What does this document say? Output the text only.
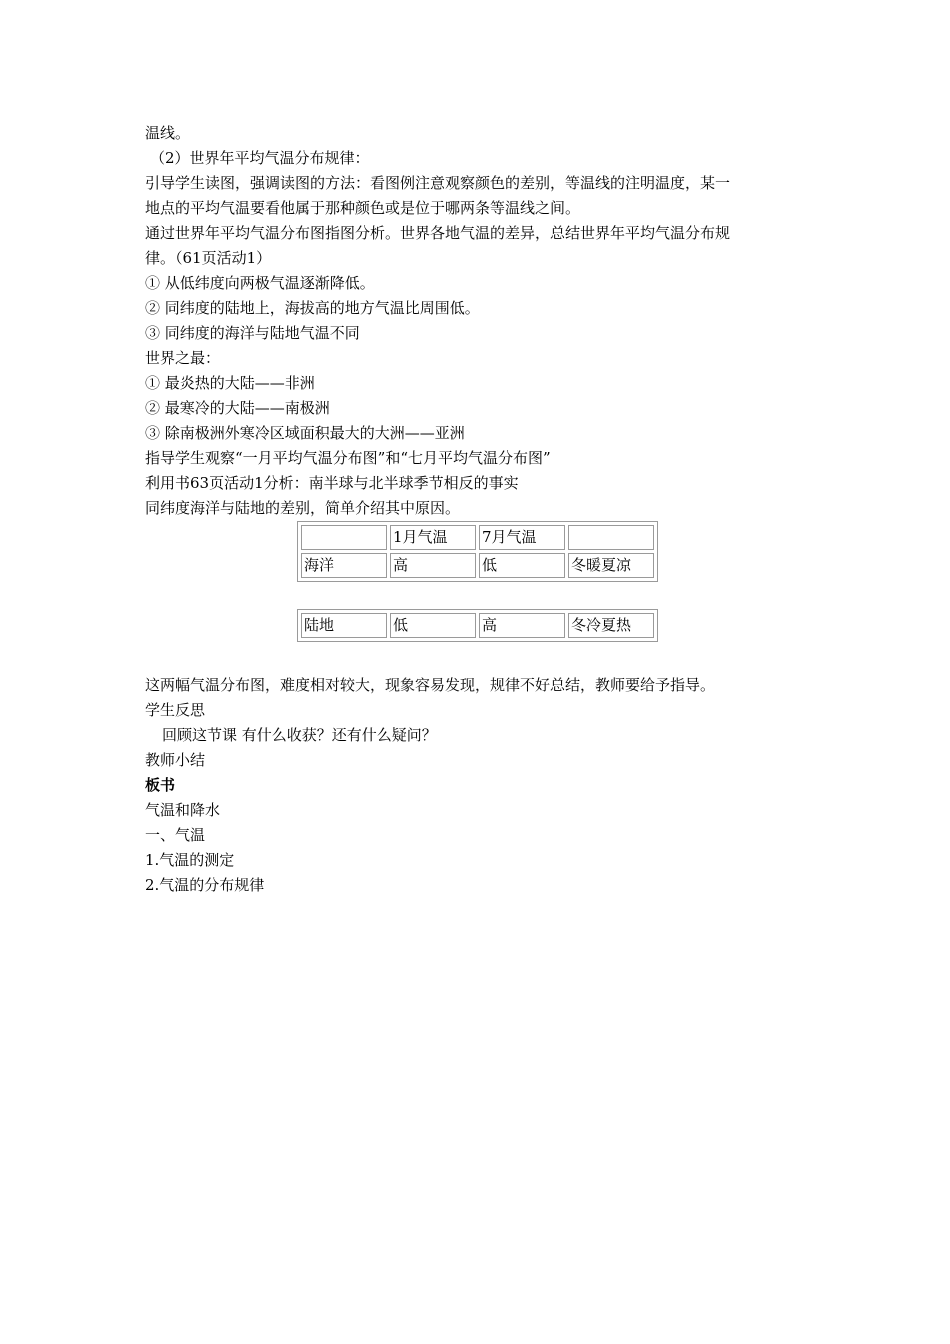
温线。
（2）世界年平均气温分布规律：
引导学生读图，强调读图的方法：看图例注意观察颜色的差别，等温线的注明温度，某一
地点的平均气温要看他属于那种颜色或是位于哪两条等温线之间。
通过世界年平均气温分布图指图分析。世界各地气温的差异，总结世界年平均气温分布规
律。（61页活动1）
① 从低纬度向两极气温逐渐降低。
② 同纬度的陆地上，海拔高的地方气温比周围低。
③ 同纬度的海洋与陆地气温不同
世界之最：
① 最炎热的大陆——非洲
② 最寒冷的大陆——南极洲
③ 除南极洲外寒冷区域面积最大的大洲——亚洲
指导学生观察“一月平均气温分布图”和“七月平均气温分布图”
利用书63页活动1分析：南半球与北半球季节相反的事实
同纬度海洋与陆地的差别，简单介绍其中原因。
	1月气温	7月气温	
海洋	高	低	冬暖夏凉
陆地	低	高	冬冷夏热
这两幅气温分布图，难度相对较大，现象容易发现，规律不好总结，教师要给予指导。
学生反思
回顾这节课 有什么收获？还有什么疑问？
教师小结
板书
气温和降水
一、气温
1.气温的测定
2.气温的分布规律
